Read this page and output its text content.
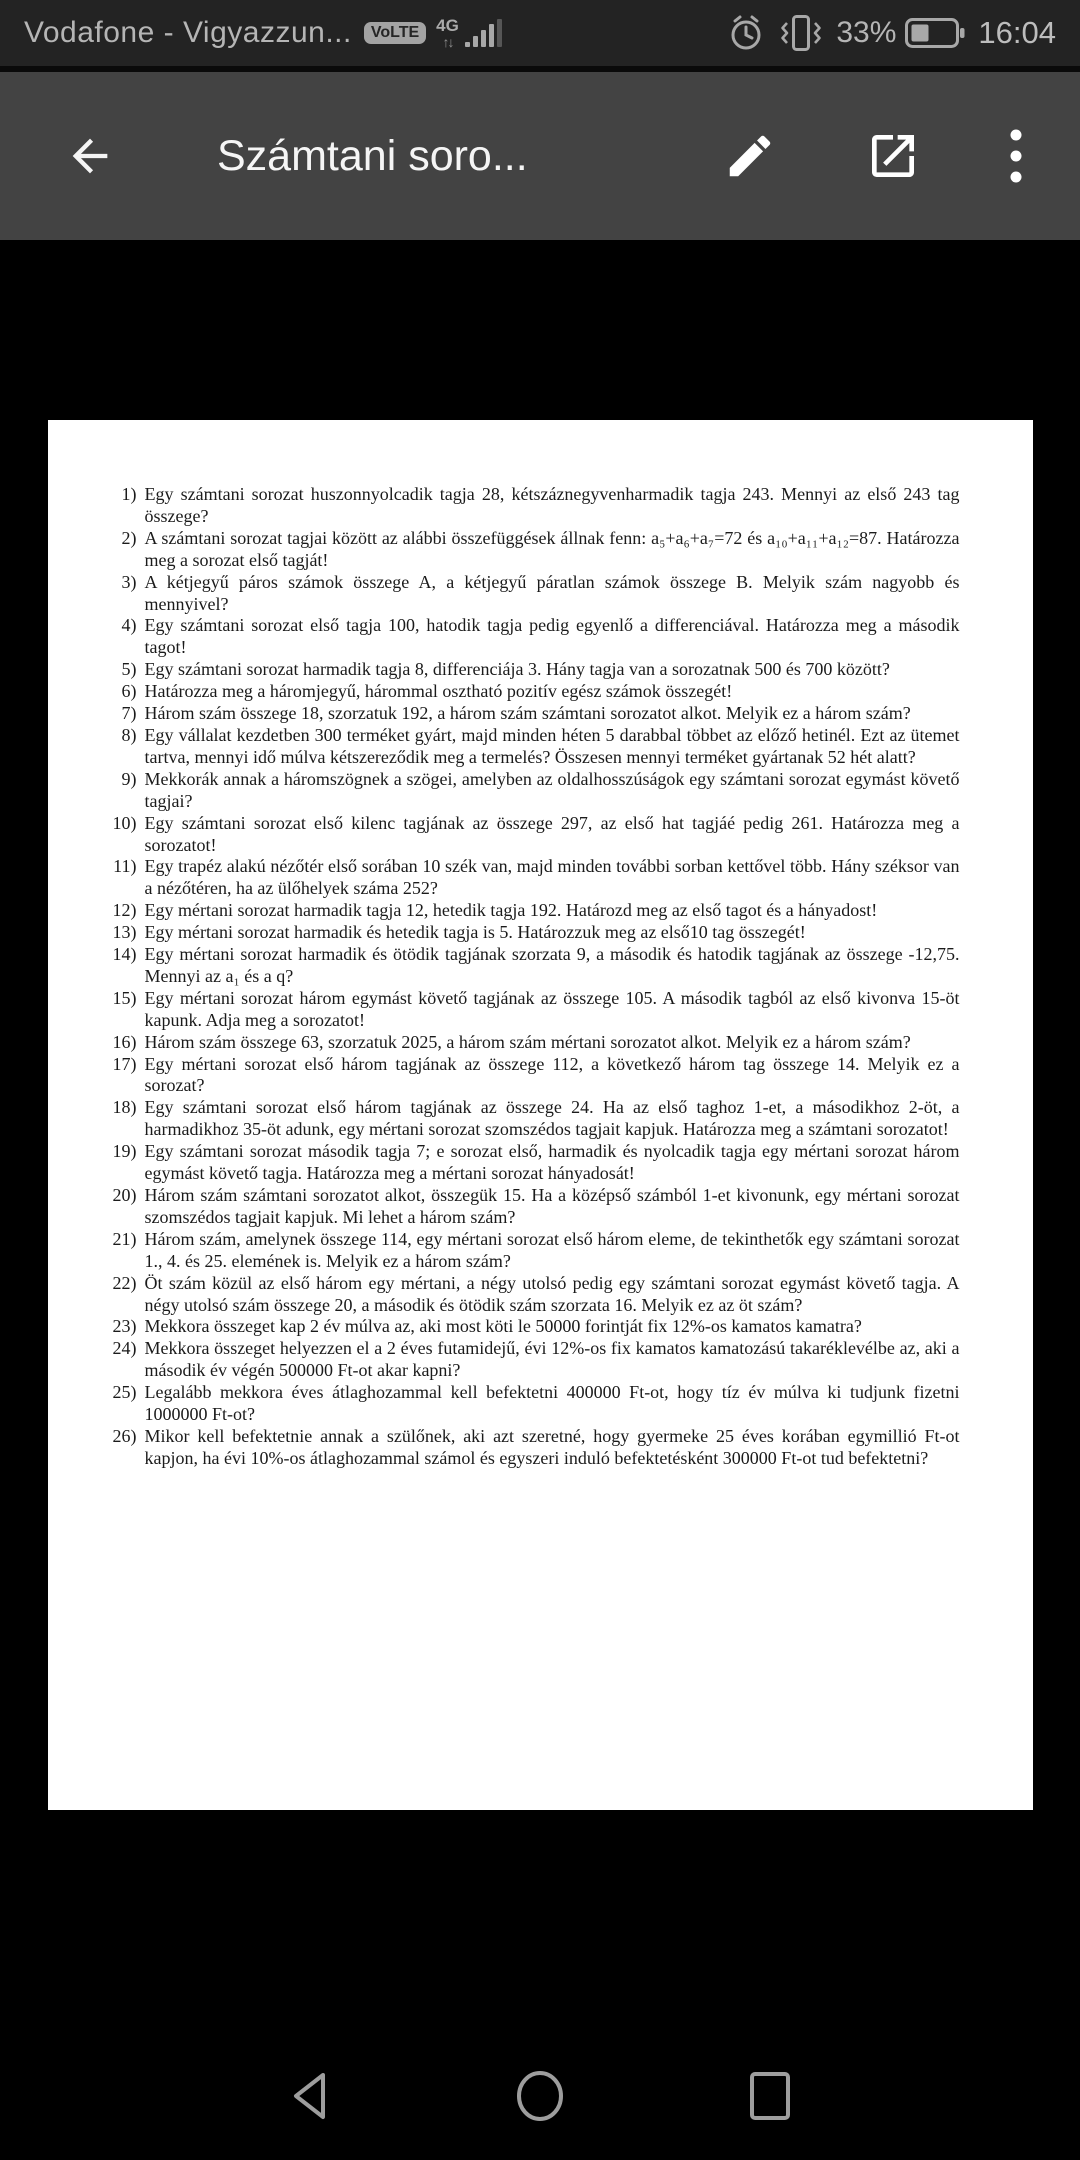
Vodafone - Vigyazzun...	VoLTE	4G
↑↓	33%	16:04
Számtani soro...
1) Egy számtani sorozat huszonnyolcadik tagja 28, kétszáznegyvenharmadik tagja 243. Mennyi az első 243 tag összege?
2) A számtani sorozat tagjai között az alábbi összefüggések állnak fenn: a₅+a₆+a₇=72 és a₁₀+a₁₁+a₁₂=87. Határozza meg a sorozat első tagját!
3) A kétjegyű páros számok összege A, a kétjegyű páratlan számok összege B. Melyik szám nagyobb és mennyivel?
4) Egy számtani sorozat első tagja 100, hatodik tagja pedig egyenlő a differenciával. Határozza meg a második tagot!
5) Egy számtani sorozat harmadik tagja 8, differenciája 3. Hány tagja van a sorozatnak 500 és 700 között?
6) Határozza meg a háromjegyű, hárommal osztható pozitív egész számok összegét!
7) Három szám összege 18, szorzatuk 192, a három szám számtani sorozatot alkot. Melyik ez a három szám?
8) Egy vállalat kezdetben 300 terméket gyárt, majd minden héten 5 darabbal többet az előző hetinél. Ezt az ütemet tartva, mennyi idő múlva kétszereződik meg a termelés? Összesen mennyi terméket gyártanak 52 hét alatt?
9) Mekkorák annak a háromszögnek a szögei, amelyben az oldalhosszúságok egy számtani sorozat egymást követő tagjai?
10) Egy számtani sorozat első kilenc tagjának az összege 297, az első hat tagjáé pedig 261. Határozza meg a sorozatot!
11) Egy trapéz alakú nézőtér első sorában 10 szék van, majd minden további sorban kettővel több. Hány széksor van a nézőtéren, ha az ülőhelyek száma 252?
12) Egy mértani sorozat harmadik tagja 12, hetedik tagja 192. Határozd meg az első tagot és a hányadost!
13) Egy mértani sorozat harmadik és hetedik tagja is 5. Határozzuk meg az első10 tag összegét!
14) Egy mértani sorozat harmadik és ötödik tagjának szorzata 9, a második és hatodik tagjának az összege -12,75. Mennyi az a₁ és a q?
15) Egy mértani sorozat három egymást követő tagjának az összege 105. A második tagból az első kivonva 15-öt kapunk. Adja meg a sorozatot!
16) Három szám összege 63, szorzatuk 2025, a három szám mértani sorozatot alkot. Melyik ez a három szám?
17) Egy mértani sorozat első három tagjának az összege 112, a következő három tag összege 14. Melyik ez a sorozat?
18) Egy számtani sorozat első három tagjának az összege 24. Ha az első taghoz 1-et, a másodikhoz 2-öt, a harmadikhoz 35-öt adunk, egy mértani sorozat szomszédos tagjait kapjuk. Határozza meg a számtani sorozatot!
19) Egy számtani sorozat második tagja 7; e sorozat első, harmadik és nyolcadik tagja egy mértani sorozat három egymást követő tagja. Határozza meg a mértani sorozat hányadosát!
20) Három szám számtani sorozatot alkot, összegük 15. Ha a középső számból 1-et kivonunk, egy mértani sorozat szomszédos tagjait kapjuk. Mi lehet a három szám?
21) Három szám, amelynek összege 114, egy mértani sorozat első három eleme, de tekinthetők egy számtani sorozat 1., 4. és 25. elemének is. Melyik ez a három szám?
22) Öt szám közül az első három egy mértani, a négy utolsó pedig egy számtani sorozat egymást követő tagja. A négy utolsó szám összege 20, a második és ötödik szám szorzata 16. Melyik ez az öt szám?
23) Mekkora összeget kap 2 év múlva az, aki most köti le 50000 forintját fix 12%-os kamatos kamatra?
24) Mekkora összeget helyezzen el a 2 éves futamidejű, évi 12%-os fix kamatos kamatozású takaréklevélbe az, aki a második év végén 500000 Ft-ot akar kapni?
25) Legalább mekkora éves átlaghozammal kell befektetni 400000 Ft-ot, hogy tíz év múlva ki tudjunk fizetni 1000000 Ft-ot?
26) Mikor kell befektetnie annak a szülőnek, aki azt szeretné, hogy gyermeke 25 éves korában egymillió Ft-ot kapjon, ha évi 10%-os átlaghozammal számol és egyszeri induló befektetésként 300000 Ft-ot tud befektetni?
